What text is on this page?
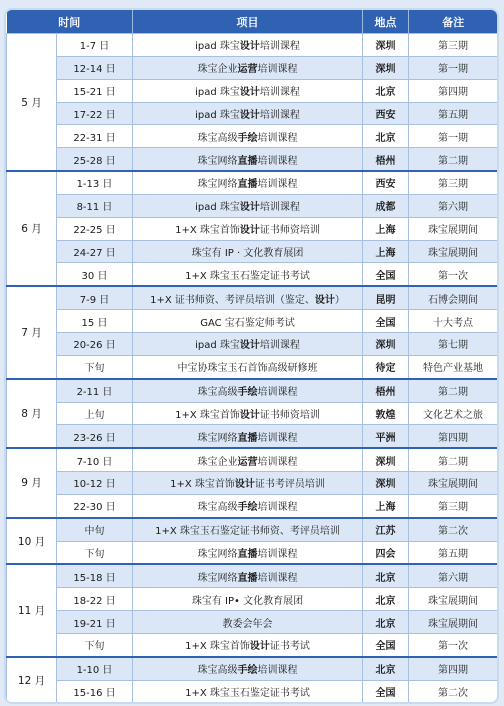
时间		项目	地点	备注
5 月	1-7 日	ipad 珠宝设计培训课程	深圳	第三期
	12-14 日	珠宝企业运营培训课程	深圳	第一期
	15-21 日	ipad 珠宝设计培训课程	北京	第四期
	17-22 日	ipad 珠宝设计培训课程	西安	第五期
	22-31 日	珠宝高级手绘培训课程	北京	第一期
	25-28 日	珠宝网络直播培训课程	梧州	第二期
6 月	1-13 日	珠宝网络直播培训课程	西安	第三期
	8-11 日	ipad 珠宝设计培训课程	成都	第六期
	22-25 日	1+X 珠宝首饰设计证书师资培训	上海	珠宝展期间
	24-27 日	珠宝有 IP · 文化教育展团	上海	珠宝展期间
	30 日	1+X 珠宝玉石鉴定证书考试	全国	第一次
7 月	7-9 日	1+X 证书师资、考评员培训（鉴定、设计）	昆明	石博会期间
	15 日	GAC 宝石鉴定师考试	全国	十大考点
	20-26 日	ipad 珠宝设计培训课程	深圳	第七期
	下旬	中宝协珠宝玉石首饰高级研修班	待定	特色产业基地
8 月	2-11 日	珠宝高级手绘培训课程	梧州	第二期
	上旬	1+X 珠宝首饰设计证书师资培训	敦煌	文化艺术之旅
	23-26 日	珠宝网络直播培训课程	平洲	第四期
9 月	7-10 日	珠宝企业运营培训课程	深圳	第二期
	10-12 日	1+X 珠宝首饰设计证书考评员培训	深圳	珠宝展期间
	22-30 日	珠宝高级手绘培训课程	上海	第三期
10 月	中旬	1+X 珠宝玉石鉴定证书师资、考评员培训	江苏	第二次
	下旬	珠宝网络直播培训课程	四会	第五期
11 月	15-18 日	珠宝网络直播培训课程	北京	第六期
	18-22 日	珠宝有 IP• 文化教育展团	北京	珠宝展期间
	19-21 日	教委会年会	北京	珠宝展期间
	下旬	1+X 珠宝首饰设计证书考试	全国	第一次
12 月	1-10 日	珠宝高级手绘培训课程	北京	第四期
	15-16 日	1+X 珠宝玉石鉴定证书考试	全国	第二次
